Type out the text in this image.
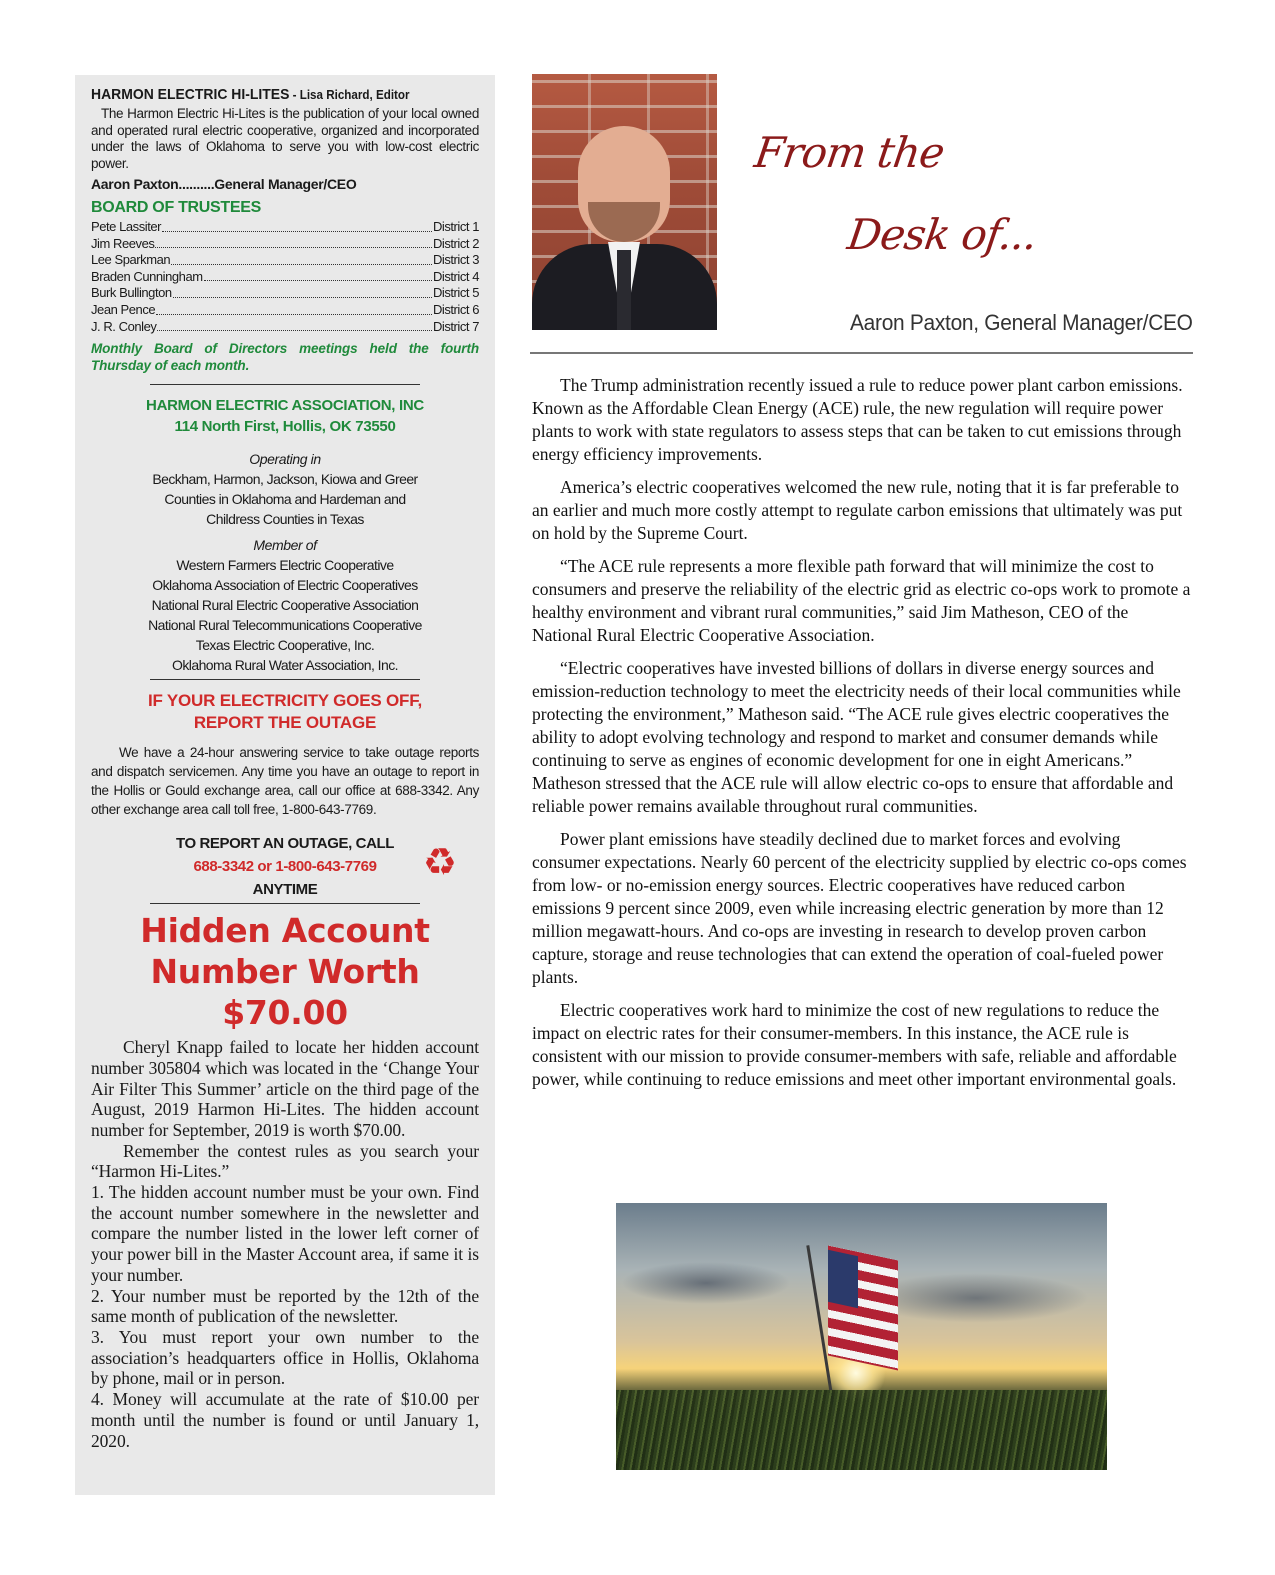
HARMON ELECTRIC HI-LITES - Lisa Richard, Editor

The Harmon Electric Hi-Lites is the publication of your local owned and operated rural electric cooperative, organized and incorporated under the laws of Oklahoma to serve you with low-cost electric power.

Aaron Paxton..........General Manager/CEO

BOARD OF TRUSTEES
Pete Lassiter	District 1
Jim Reeves	District 2
Lee Sparkman	District 3
Braden Cunningham	District 4
Burk Bullington	District 5
Jean Pence	District 6
J. R. Conley	District 7

Monthly Board of Directors meetings held the fourth Thursday of each month.

HARMON ELECTRIC ASSOCIATION, INC
114 North First, Hollis, OK 73550
Operating in
Beckham, Harmon, Jackson, Kiowa and Greer
Counties in Oklahoma and Hardeman and
Childress Counties in Texas
Member of
Western Farmers Electric Cooperative
Oklahoma Association of Electric Cooperatives
National Rural Electric Cooperative Association
National Rural Telecommunications Cooperative
Texas Electric Cooperative, Inc.
Oklahoma Rural Water Association, Inc.
IF YOUR ELECTRICITY GOES OFF,
REPORT THE OUTAGE

We have a 24-hour answering service to take outage reports and dispatch servicemen. Any time you have an outage to report in the Hollis or Gould exchange area, call our office at 688-3342. Any other exchange area call toll free, 1-800-643-7769.

TO REPORT AN OUTAGE, CALL
688-3342 or 1-800-643-7769
ANYTIME
♻
Hidden Account
Number Worth
$70.00

Cheryl Knapp failed to locate her hidden account number 305804 which was located in the ‘Change Your Air Filter This Summer’ article on the third page of the August, 2019 Harmon Hi-Lites. The hidden account number for September, 2019 is worth $70.00.

Remember the contest rules as you search your “Harmon Hi-Lites.”

1. The hidden account number must be your own. Find the account number somewhere in the newsletter and compare the number listed in the lower left corner of your power bill in the Master Account area, if same it is your number.

2. Your number must be reported by the 12th of the same month of publication of the newsletter.

3. You must report your own number to the association’s headquarters office in Hollis, Oklahoma by phone, mail or in person.

4. Money will accumulate at the rate of $10.00 per month until the number is found or until January 1, 2020.

From the
Desk of...
Aaron Paxton, General Manager/CEO

The Trump administration recently issued a rule to reduce power plant carbon emissions. Known as the Affordable Clean Energy (ACE) rule, the new regulation will require power plants to work with state regulators to assess steps that can be taken to cut emissions through energy efficiency improvements.

America’s electric cooperatives welcomed the new rule, noting that it is far preferable to an earlier and much more costly attempt to regulate carbon emissions that ultimately was put on hold by the Supreme Court.

“The ACE rule represents a more flexible path forward that will minimize the cost to consumers and preserve the reliability of the electric grid as electric co-ops work to promote a healthy environment and vibrant rural communities,” said Jim Matheson, CEO of the National Rural Electric Cooperative Association.

“Electric cooperatives have invested billions of dollars in diverse energy sources and emission-reduction technology to meet the electricity needs of their local communities while protecting the environment,” Matheson said. “The ACE rule gives electric cooperatives the ability to adopt evolving technology and respond to market and consumer demands while continuing to serve as engines of economic development for one in eight Americans.” Matheson stressed that the ACE rule will allow electric co-ops to ensure that affordable and reliable power remains available throughout rural communities.

Power plant emissions have steadily declined due to market forces and evolving consumer expectations. Nearly 60 percent of the electricity supplied by electric co-ops comes from low- or no-emission energy sources. Electric cooperatives have reduced carbon emissions 9 percent since 2009, even while increasing electric generation by more than 12 million megawatt-hours. And co-ops are investing in research to develop proven carbon capture, storage and reuse technologies that can extend the operation of coal-fueled power plants.

Electric cooperatives work hard to minimize the cost of new regulations to reduce the impact on electric rates for their consumer-members. In this instance, the ACE rule is consistent with our mission to provide consumer-members with safe, reliable and affordable power, while continuing to reduce emissions and meet other important environmental goals.
